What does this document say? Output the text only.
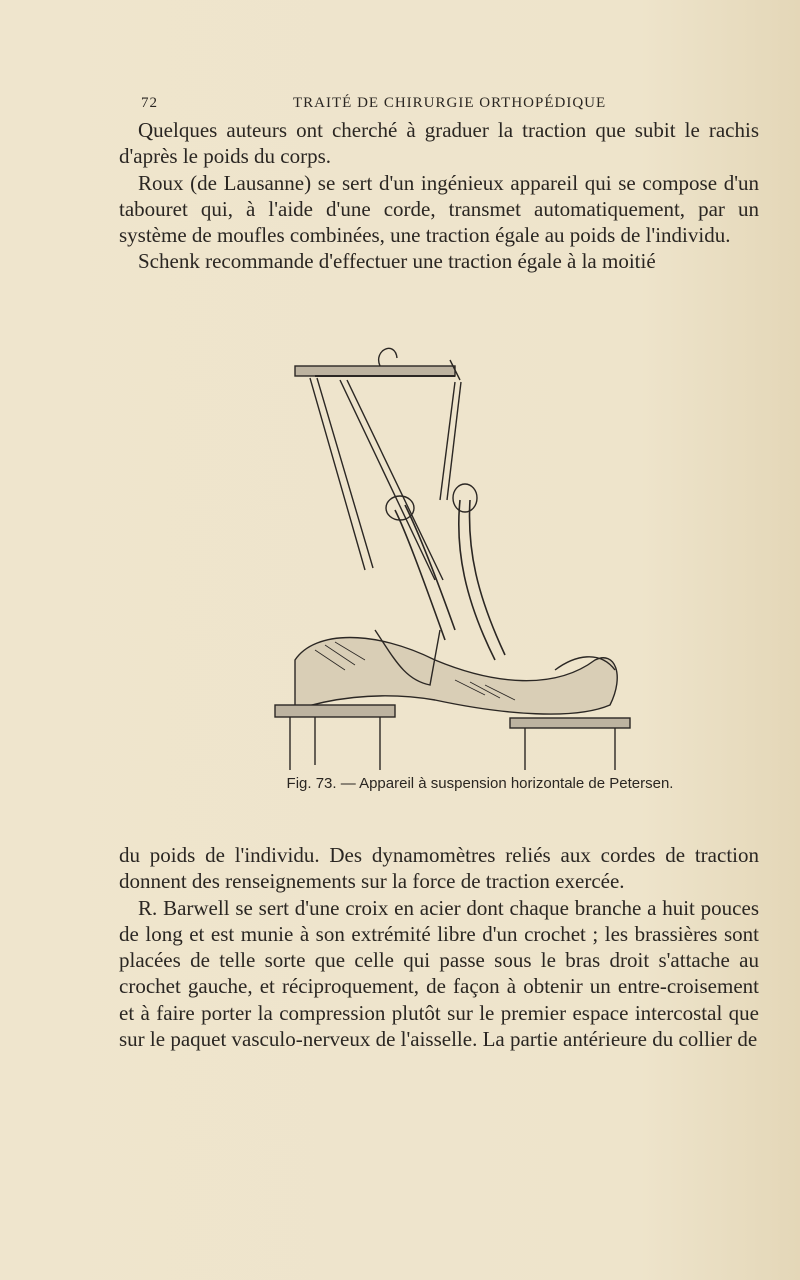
72	TRAITÉ DE CHIRURGIE ORTHOPÉDIQUE

Quelques auteurs ont cherché à graduer la traction que subit le rachis d'après le poids du corps.

Roux (de Lausanne) se sert d'un ingénieux appareil qui se compose d'un tabouret qui, à l'aide d'une corde, transmet automatiquement, par un système de moufles combinées, une traction égale au poids de l'individu.

Schenk recommande d'effectuer une traction égale à la moitié

Fig. 73. — Appareil à suspension horizontale de Petersen.

du poids de l'individu. Des dynamomètres reliés aux cordes de traction donnent des renseignements sur la force de traction exercée.

R. Barwell se sert d'une croix en acier dont chaque branche a huit pouces de long et est munie à son extrémité libre d'un crochet ; les brassières sont placées de telle sorte que celle qui passe sous le bras droit s'attache au crochet gauche, et réciproquement, de façon à obtenir un entre-croisement et à faire porter la compression plutôt sur le premier espace intercostal que sur le paquet vasculo-nerveux de l'aisselle. La partie antérieure du collier de
